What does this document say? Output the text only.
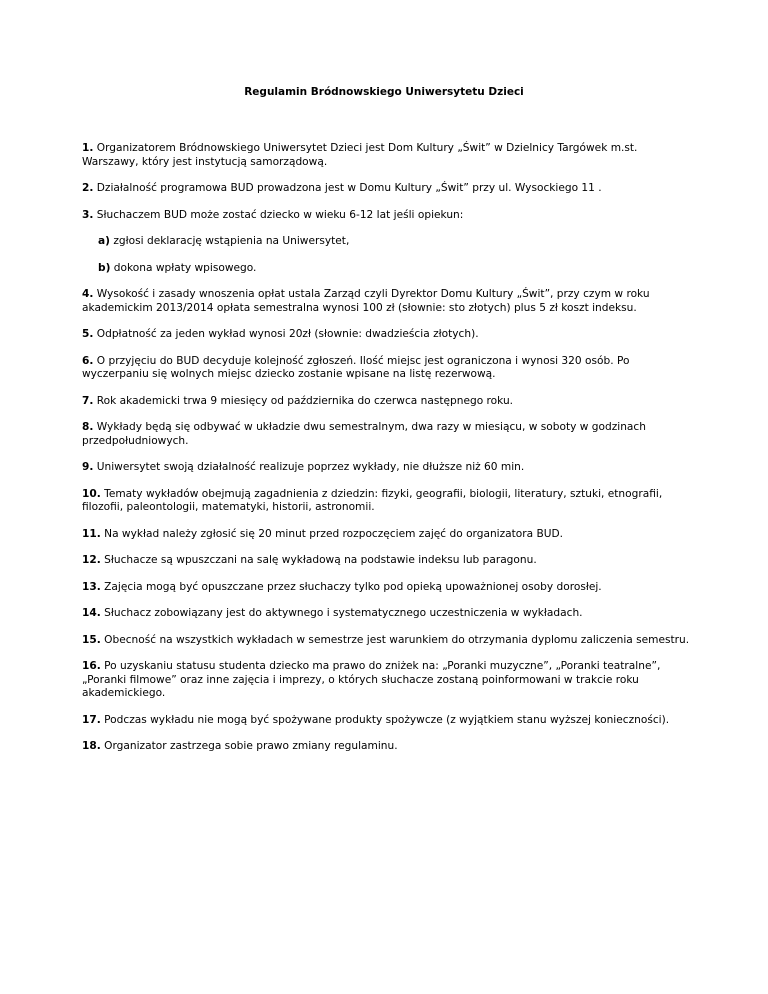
Regulamin Bródnowskiego Uniwersytetu Dzieci

1. Organizatorem Bródnowskiego Uniwersytet Dzieci jest Dom Kultury „Świt” w Dzielnicy Targówek m.st. Warszawy, który jest instytucją samorządową.

2. Działalność programowa BUD prowadzona jest w Domu Kultury „Świt” przy ul. Wysockiego 11 .

3. Słuchaczem BUD może zostać dziecko w wieku 6-12 lat jeśli opiekun:

a) zgłosi deklarację wstąpienia na Uniwersytet,

b) dokona wpłaty wpisowego.

4. Wysokość i zasady wnoszenia opłat ustala Zarząd czyli Dyrektor Domu Kultury „Świt”, przy czym w roku akademickim 2013/2014 opłata semestralna wynosi 100 zł (słownie: sto złotych) plus 5 zł koszt indeksu.

5. Odpłatność za jeden wykład wynosi 20zł (słownie: dwadzieścia złotych).

6. O przyjęciu do BUD decyduje kolejność zgłoszeń. Ilość miejsc jest ograniczona i wynosi 320 osób. Po wyczerpaniu się wolnych miejsc dziecko zostanie wpisane na listę rezerwową.

7. Rok akademicki trwa 9 miesięcy od października do czerwca następnego roku.

8. Wykłady będą się odbywać w układzie dwu semestralnym, dwa razy w miesiącu, w soboty w godzinach przedpołudniowych.

9. Uniwersytet swoją działalność realizuje poprzez wykłady, nie dłuższe niż 60 min.

10. Tematy wykładów obejmują zagadnienia z dziedzin: fizyki, geografii, biologii, literatury, sztuki, etnografii, filozofii, paleontologii, matematyki, historii, astronomii.

11. Na wykład należy zgłosić się 20 minut przed rozpoczęciem zajęć do organizatora BUD.

12. Słuchacze są wpuszczani na salę wykładową na podstawie indeksu lub paragonu.

13. Zajęcia mogą być opuszczane przez słuchaczy tylko pod opieką upoważnionej osoby dorosłej.

14. Słuchacz zobowiązany jest do aktywnego i systematycznego uczestniczenia w wykładach.

15. Obecność na wszystkich wykładach w semestrze jest warunkiem do otrzymania dyplomu zaliczenia semestru.

16. Po uzyskaniu statusu studenta dziecko ma prawo do zniżek na: „Poranki muzyczne”, „Poranki teatralne”, „Poranki filmowe” oraz inne zajęcia i imprezy, o których słuchacze zostaną poinformowani w trakcie roku akademickiego.

17. Podczas wykładu nie mogą być spożywane produkty spożywcze (z wyjątkiem stanu wyższej konieczności).

18. Organizator zastrzega sobie prawo zmiany regulaminu.
